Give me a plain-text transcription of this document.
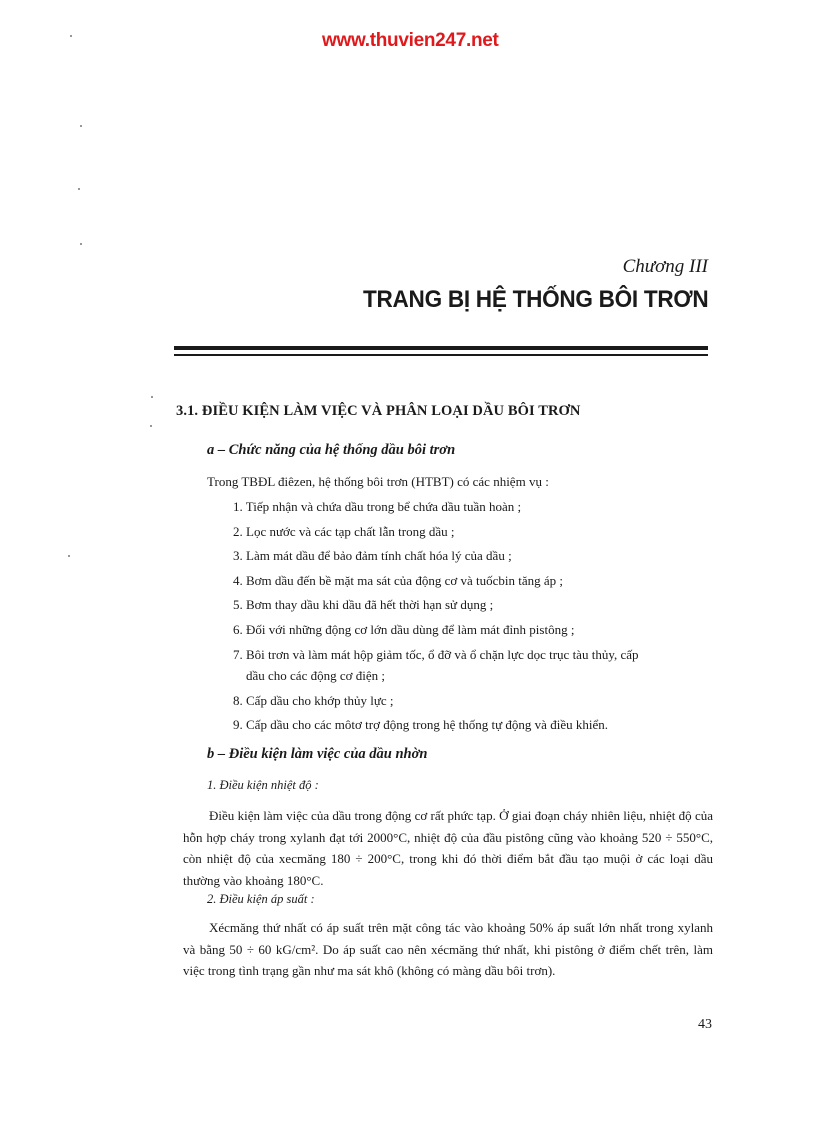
www.thuvien247.net
Chương III
TRANG BỊ HỆ THỐNG BÔI TRƠN
3.1. ĐIỀU KIỆN LÀM VIỆC VÀ PHÂN LOẠI DẦU BÔI TRƠN
a – Chức năng của hệ thống dầu bôi trơn
Trong TBĐL điêzen, hệ thống bôi trơn (HTBT) có các nhiệm vụ :
1. Tiếp nhận và chứa dầu trong bể chứa dầu tuần hoàn ;
2. Lọc nước và các tạp chất lẫn trong dầu ;
3. Làm mát dầu để bảo đảm tính chất hóa lý của dầu ;
4. Bơm dầu đến bề mặt ma sát của động cơ và tuốcbin tăng áp ;
5. Bơm thay dầu khi dầu đã hết thời hạn sử dụng ;
6. Đối với những động cơ lớn dầu dùng để làm mát đỉnh pistông ;
7. Bôi trơn và làm mát hộp giảm tốc, ổ đỡ và ổ chặn lực dọc trục tàu thủy, cấp
dầu cho các động cơ điện ;
8. Cấp dầu cho khớp thủy lực ;
9. Cấp dầu cho các môtơ trợ động trong hệ thống tự động và điều khiển.
b – Điều kiện làm việc của dầu nhờn
1. Điều kiện nhiệt độ :
Điều kiện làm việc của dầu trong động cơ rất phức tạp. Ở giai đoạn cháy nhiên liệu, nhiệt độ của hỗn hợp cháy trong xylanh đạt tới 2000°C, nhiệt độ của đầu pistông cũng vào khoảng 520 ÷ 550°C, còn nhiệt độ của xecmăng 180 ÷ 200°C, trong khi đó thời điểm bắt đầu tạo muội ở các loại dầu thường vào khoảng 180°C.
2. Điều kiện áp suất :
Xécmăng thứ nhất có áp suất trên mặt công tác vào khoảng 50% áp suất lớn nhất trong xylanh và bằng 50 ÷ 60 kG/cm². Do áp suất cao nên xécmăng thứ nhất, khi pistông ở điểm chết trên, làm việc trong tình trạng gần như ma sát khô (không có màng dầu bôi trơn).
43
